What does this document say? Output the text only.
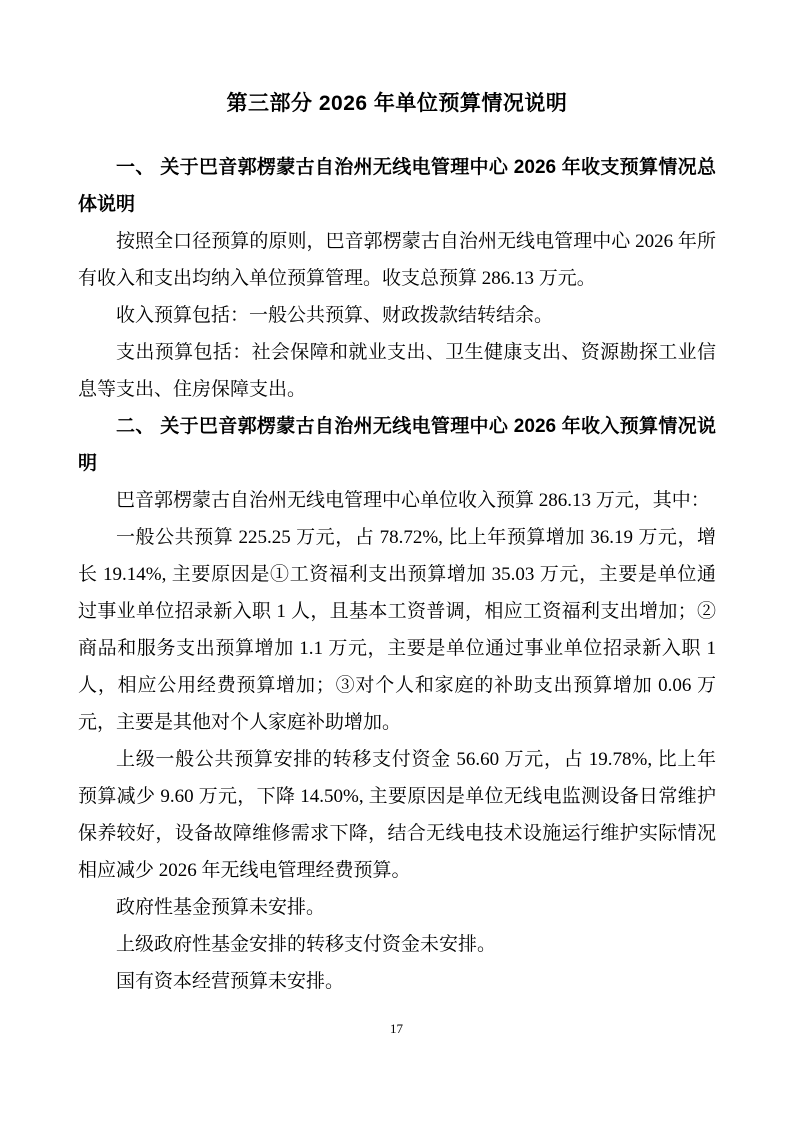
第三部分 2026 年单位预算情况说明

一、 关于巴音郭楞蒙古自治州无线电管理中心 2026 年收支预算情况总体说明

按照全口径预算的原则，巴音郭楞蒙古自治州无线电管理中心 2026 年所有收入和支出均纳入单位预算管理。收支总预算 286.13 万元。

收入预算包括：一般公共预算、财政拨款结转结余。

支出预算包括：社会保障和就业支出、卫生健康支出、资源勘探工业信息等支出、住房保障支出。

二、 关于巴音郭楞蒙古自治州无线电管理中心 2026 年收入预算情况说明

巴音郭楞蒙古自治州无线电管理中心单位收入预算 286.13 万元，其中：

一般公共预算 225.25 万元，占 78.72%, 比上年预算增加 36.19 万元，增长 19.14%, 主要原因是①工资福利支出预算增加 35.03 万元，主要是单位通过事业单位招录新入职 1 人，且基本工资普调，相应工资福利支出增加；②商品和服务支出预算增加 1.1 万元，主要是单位通过事业单位招录新入职 1 人，相应公用经费预算增加；③对个人和家庭的补助支出预算增加 0.06 万元，主要是其他对个人家庭补助增加。

上级一般公共预算安排的转移支付资金 56.60 万元，占 19.78%, 比上年预算减少 9.60 万元，下降 14.50%, 主要原因是单位无线电监测设备日常维护保养较好，设备故障维修需求下降，结合无线电技术设施运行维护实际情况相应减少 2026 年无线电管理经费预算。

政府性基金预算未安排。

上级政府性基金安排的转移支付资金未安排。

国有资本经营预算未安排。

17
